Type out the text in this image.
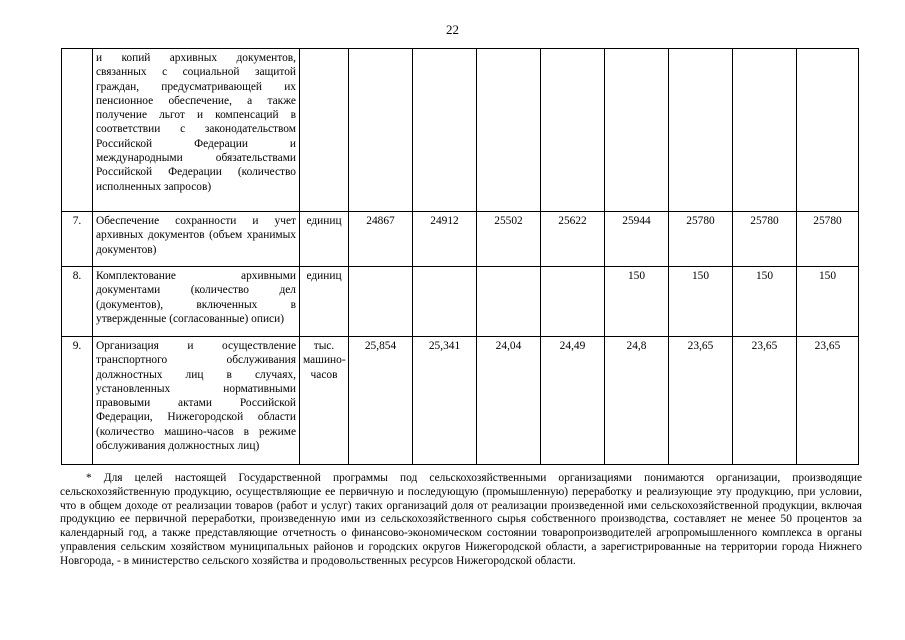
22
	и копий архивных документов, связанных с социальной защитой граждан, предусматривающей их пенсионное обеспечение, а также получение льгот и компенсаций в соответствии с законодательством Российской Федерации и международными обязательствами Российской Федерации (количество исполненных запросов)									
7.	Обеспечение сохранности и учет архивных документов (объем хранимых документов)	единиц	24867	24912	25502	25622	25944	25780	25780	25780
8.	Комплектование архивными документами (количество дел (документов), включенных в утвержденные (согласованные) описи)	единиц					150	150	150	150
9.	Организация и осуществление транспортного обслуживания должностных лиц в случаях, установленных нормативными правовыми актами Российской Федерации, Нижегородской области (количество машино-часов в режиме обслуживания должностных лиц)	тыс. машино-часов	25,854	25,341	24,04	24,49	24,8	23,65	23,65	23,65

* Для целей настоящей Государственной программы под сельскохозяйственными организациями понимаются организации, производящие сельскохозяйственную продукцию, осуществляющие ее первичную и последующую (промышленную) переработку и реализующие эту продукцию, при условии, что в общем доходе от реализации товаров (работ и услуг) таких организаций доля от реализации произведенной ими сельскохозяйственной продукции, включая продукцию ее первичной переработки, произведенную ими из сельскохозяйственного сырья собственного производства, составляет не менее 50 процентов за календарный год, а также представляющие отчетность о финансово-экономическом состоянии товаропроизводителей агропромышленного комплекса в органы управления сельским хозяйством муниципальных районов и городских округов Нижегородской области, а зарегистрированные на территории города Нижнего Новгорода, - в министерство сельского хозяйства и продовольственных ресурсов Нижегородской области.
